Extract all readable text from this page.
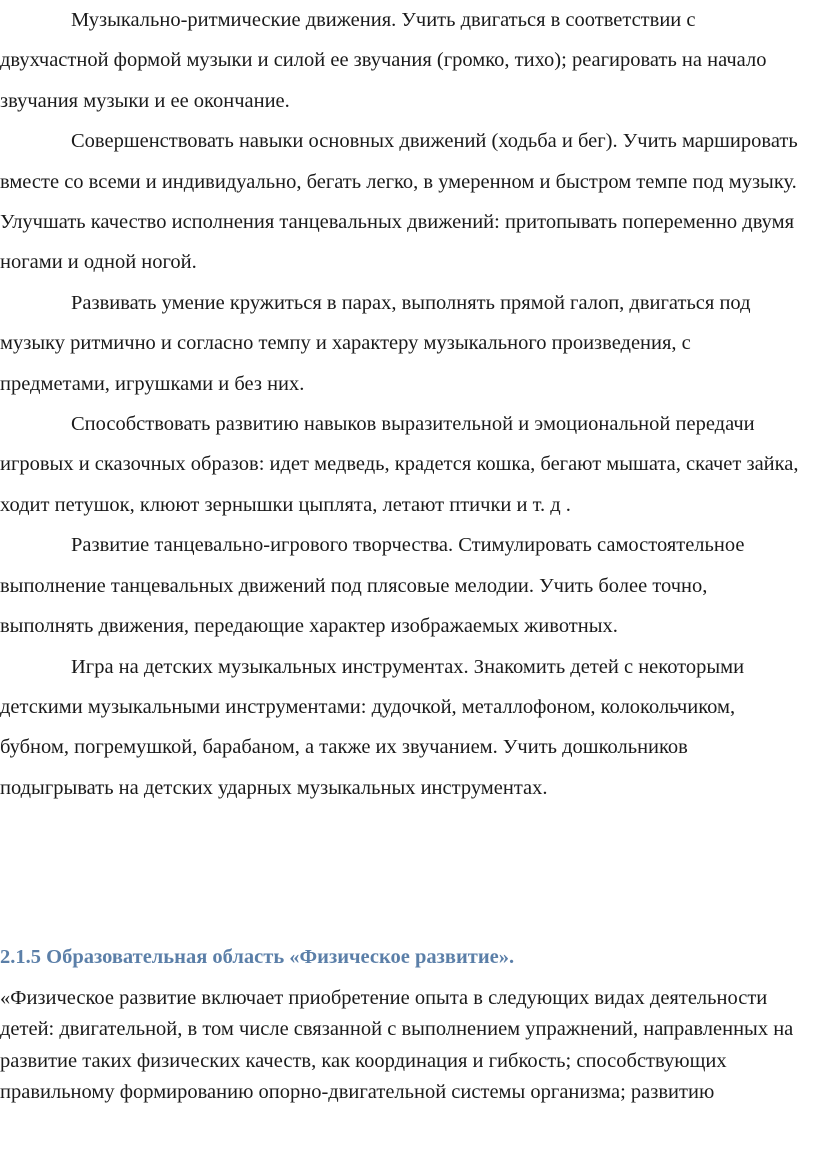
Музыкально-ритмические движения. Учить двигаться в соответствии с двухчастной формой музыки и силой ее звучания (громко, тихо); реагировать на начало звучания музыки и ее окончание.

Совершенствовать навыки основных движений (ходьба и бег). Учить маршировать вместе со всеми и индивидуально, бегать легко, в умеренном и быстром темпе под музыку. Улучшать качество исполнения танцевальных движений: притопывать попеременно двумя ногами и одной ногой.

Развивать умение кружиться в парах, выполнять прямой галоп, двигаться под музыку ритмично и согласно темпу и характеру музыкального произведения, с предметами, игрушками и без них.

Способствовать развитию навыков выразительной и эмоциональной передачи игровых и сказочных образов: идет медведь, крадется кошка, бегают мышата, скачет зайка, ходит петушок, клюют зернышки цыплята, летают птички и т. д .

Развитие танцевально-игрового творчества. Стимулировать самостоятельное выполнение танцевальных движений под плясовые мелодии. Учить более точно, выполнять движения, передающие характер изображаемых животных.

Игра на детских музыкальных инструментах. Знакомить детей с некоторыми детскими музыкальными инструментами: дудочкой, металлофоном, колокольчиком, бубном, погремушкой, барабаном, а также их звучанием. Учить дошкольников подыгрывать на детских ударных музыкальных инструментах.

2.1.5 Образовательная область «Физическое развитие».

«Физическое развитие включает приобретение опыта в следующих видах деятельности детей: двигательной, в том числе связанной с выполнением упражнений, направленных на развитие таких физических качеств, как координация и гибкость; способствующих правильному формированию опорно-двигательной системы организма; развитию
